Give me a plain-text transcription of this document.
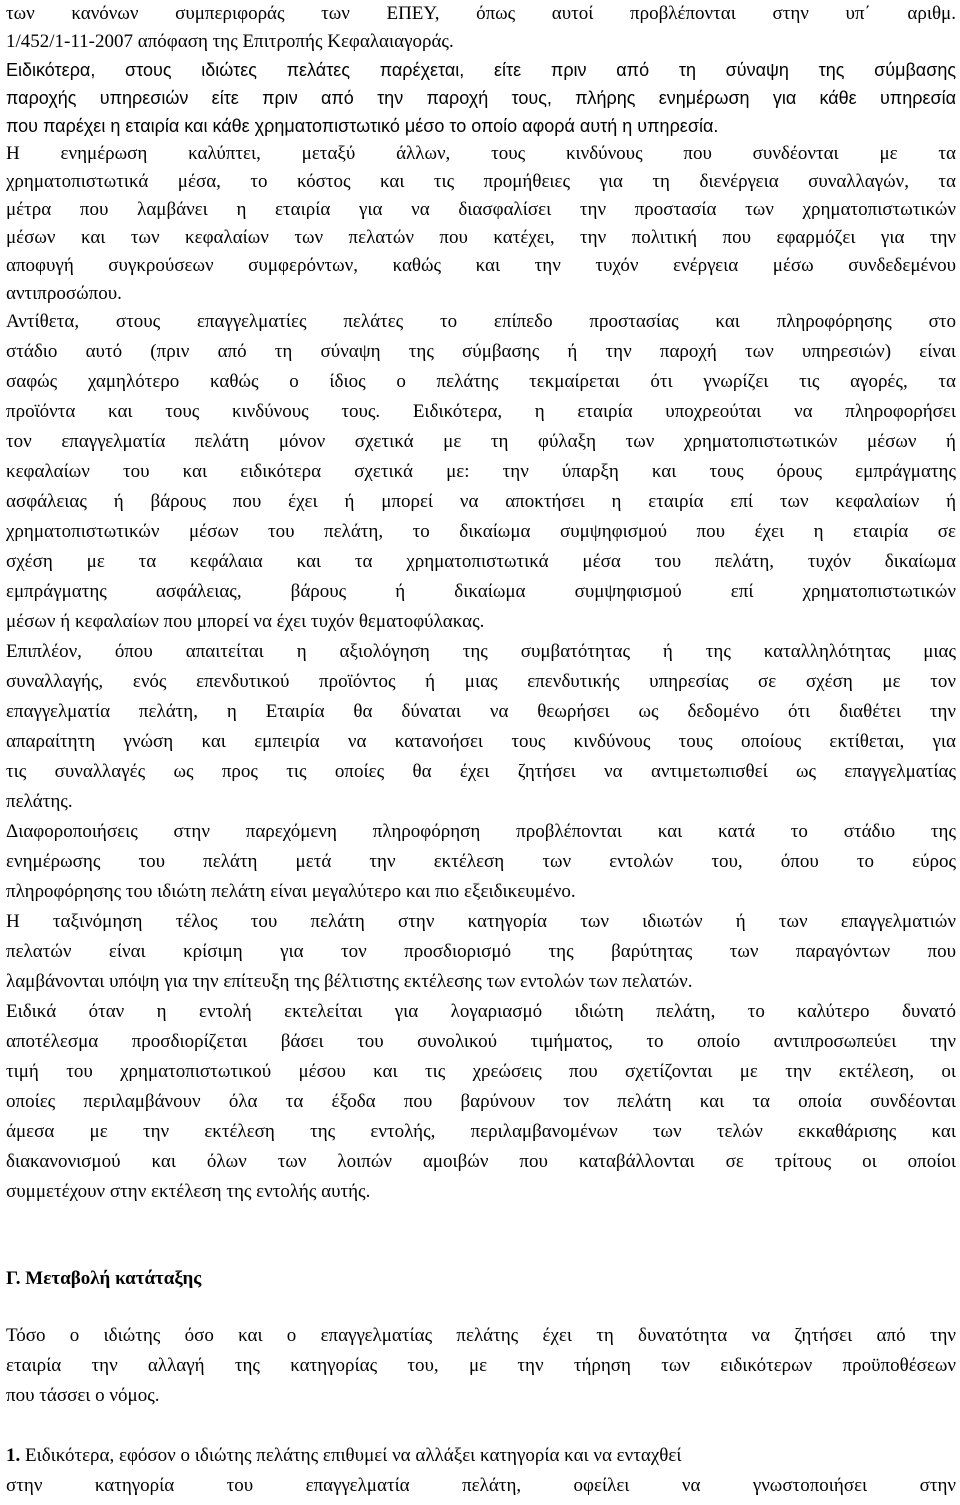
των κανόνων συμπεριφοράς των ΕΠΕΥ, όπως αυτοί προβλέπονται στην υπ΄ αριθμ.
1/452/1-11-2007 απόφαση της Επιτροπής Κεφαλαιαγοράς.
Ειδικότερα, στους ιδιώτες πελάτες παρέχεται, είτε πριν από τη σύναψη της σύμβασης
παροχής υπηρεσιών είτε πριν από την παροχή τους, πλήρης ενημέρωση για κάθε υπηρεσία
που παρέχει η εταιρία και κάθε χρηματοπιστωτικό μέσο το οποίο αφορά αυτή η υπηρεσία.
Η ενημέρωση καλύπτει, μεταξύ άλλων, τους κινδύνους που συνδέονται με τα
χρηματοπιστωτικά μέσα, το κόστος και τις προμήθειες για τη διενέργεια συναλλαγών, τα
μέτρα που λαμβάνει η εταιρία για να διασφαλίσει την προστασία των χρηματοπιστωτικών
μέσων και των κεφαλαίων των πελατών που κατέχει, την πολιτική που εφαρμόζει για την
αποφυγή συγκρούσεων συμφερόντων, καθώς και την τυχόν ενέργεια μέσω συνδεδεμένου
αντιπροσώπου.
Αντίθετα, στους επαγγελματίες πελάτες το επίπεδο προστασίας και πληροφόρησης στο
στάδιο αυτό (πριν από τη σύναψη της σύμβασης ή την παροχή των υπηρεσιών) είναι
σαφώς χαμηλότερο καθώς ο ίδιος ο πελάτης τεκμαίρεται ότι γνωρίζει τις αγορές, τα
προϊόντα και τους κινδύνους τους. Ειδικότερα, η εταιρία υποχρεούται να πληροφορήσει
τον επαγγελματία πελάτη μόνον σχετικά με τη φύλαξη των χρηματοπιστωτικών μέσων ή
κεφαλαίων του και ειδικότερα σχετικά με: την ύπαρξη και τους όρους εμπράγματης
ασφάλειας ή βάρους που έχει ή μπορεί να αποκτήσει η εταιρία επί των κεφαλαίων ή
χρηματοπιστωτικών μέσων του πελάτη, το δικαίωμα συμψηφισμού που έχει η εταιρία σε
σχέση με τα κεφάλαια και τα χρηματοπιστωτικά μέσα του πελάτη, τυχόν δικαίωμα
εμπράγματης ασφάλειας, βάρους ή δικαίωμα συμψηφισμού επί χρηματοπιστωτικών
μέσων ή κεφαλαίων που μπορεί να έχει τυχόν θεματοφύλακας.
Επιπλέον, όπου απαιτείται η αξιολόγηση της συμβατότητας ή της καταλληλότητας μιας
συναλλαγής, ενός επενδυτικού προϊόντος ή μιας επενδυτικής υπηρεσίας σε σχέση με τον
επαγγελματία πελάτη, η Εταιρία θα δύναται να θεωρήσει ως δεδομένο ότι διαθέτει την
απαραίτητη γνώση και εμπειρία να κατανοήσει τους κινδύνους τους οποίους εκτίθεται, για
τις συναλλαγές ως προς τις οποίες θα έχει ζητήσει να αντιμετωπισθεί ως επαγγελματίας
πελάτης.
Διαφοροποιήσεις στην παρεχόμενη πληροφόρηση προβλέπονται και κατά το στάδιο της
ενημέρωσης του πελάτη μετά την εκτέλεση των εντολών του, όπου το εύρος
πληροφόρησης του ιδιώτη πελάτη είναι μεγαλύτερο και πιο εξειδικευμένο.
Η ταξινόμηση τέλος του πελάτη στην κατηγορία των ιδιωτών ή των επαγγελματιών
πελατών είναι κρίσιμη για τον προσδιορισμό της βαρύτητας των παραγόντων που
λαμβάνονται υπόψη για την επίτευξη της βέλτιστης εκτέλεσης των εντολών των πελατών.
Ειδικά όταν η εντολή εκτελείται για λογαριασμό ιδιώτη πελάτη, το καλύτερο δυνατό
αποτέλεσμα προσδιορίζεται βάσει του συνολικού τιμήματος, το οποίο αντιπροσωπεύει την
τιμή του χρηματοπιστωτικού μέσου και τις χρεώσεις που σχετίζονται με την εκτέλεση, οι
οποίες περιλαμβάνουν όλα τα έξοδα που βαρύνουν τον πελάτη και τα οποία συνδέονται
άμεσα με την εκτέλεση της εντολής, περιλαμβανομένων των τελών εκκαθάρισης και
διακανονισμού και όλων των λοιπών αμοιβών που καταβάλλονται σε τρίτους οι οποίοι
συμμετέχουν στην εκτέλεση της εντολής αυτής.
Γ. Μεταβολή κατάταξης
Τόσο ο ιδιώτης όσο και ο επαγγελματίας πελάτης έχει τη δυνατότητα να ζητήσει από την
εταιρία την αλλαγή της κατηγορίας του, με την τήρηση των ειδικότερων προϋποθέσεων
που τάσσει ο νόμος.
1. Ειδικότερα, εφόσον ο ιδιώτης πελάτης επιθυμεί να αλλάξει κατηγορία και να ενταχθεί
στην κατηγορία του επαγγελματία πελάτη, οφείλει να γνωστοποιήσει στην
